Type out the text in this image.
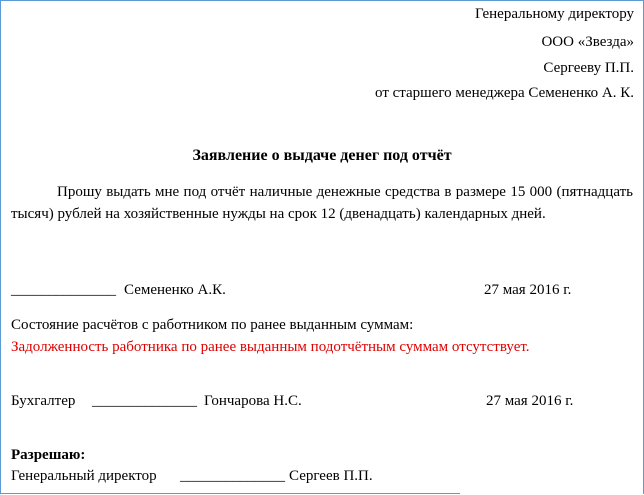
Генеральному директору
ООО «Звезда»
Сергееву П.П.
от старшего менеджера Семененко А. К.
Заявление о выдаче денег под отчёт
Прошу выдать мне под отчёт наличные денежные средства в размере 15 000 (пятнадцать тысяч) рублей на хозяйственные нужды на срок 12 (двенадцать) календарных дней.
______________ Семененко А.К.	27 мая 2016 г.
Состояние расчётов с работником по ранее выданным суммам:
Задолженность работника по ранее выданным подотчётным суммам отсутствует.
Бухгалтер ______________ Гончарова Н.С.	27 мая 2016 г.
Разрешаю:
Генеральный директор ______________ Сергеев П.П.
